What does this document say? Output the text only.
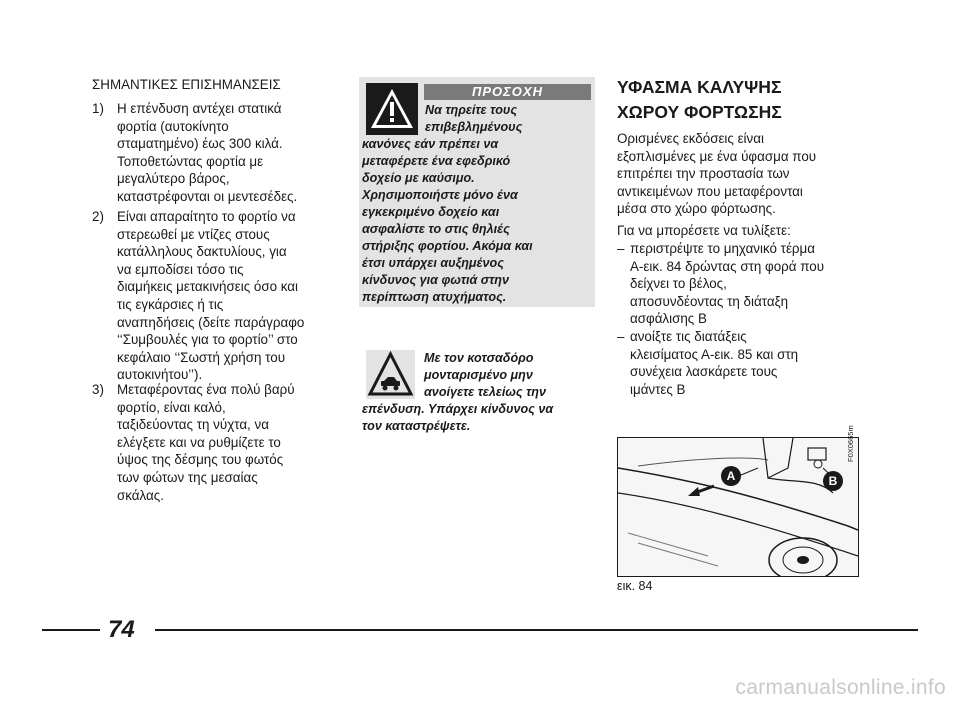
ΣΗΜΑΝΤΙΚΕΣ ΕΠΙΣΗΜΑΝΣΕΙΣ
1) Η επένδυση αντέχει στατικά
φορτία (αυτοκίνητο
σταματημένο) έως 300 κιλά.
Τοποθετώντας φορτία με
μεγαλύτερο βάρος,
καταστρέφονται οι μεντεσέδες.
2) Είναι απαραίτητο το φορτίο να
στερεωθεί με ντίζες στους
κατάλληλους δακτυλίους, για
να εμποδίσει τόσο τις
διαμήκεις μετακινήσεις όσο και
τις εγκάρσιες ή τις
αναπηδήσεις (δείτε παράγραφο
‘‘Συμβουλές για το φορτίο’’ στο
κεφάλαιο ‘‘Σωστή χρήση του
αυτοκινήτου’’).
3) Μεταφέροντας ένα πολύ βαρύ
φορτίο, είναι καλό,
ταξιδεύοντας τη νύχτα, να
ελέγξετε και να ρυθμίζετε το
ύψος της δέσμης του φωτός
των φώτων της μεσαίας
σκάλας.
ΠΡΟΣΟΧΗ
Να τηρείτε τους
επιβεβλημένους
κανόνες εάν πρέπει να
μεταφέρετε ένα εφεδρικό
δοχείο με καύσιμο.
Χρησιμοποιήστε μόνο ένα
εγκεκριμένο δοχείο και
ασφαλίστε το στις θηλιές
στήριξης φορτίου. Ακόμα και
έτσι υπάρχει αυξημένος
κίνδυνος για φωτιά στην
περίπτωση ατυχήματος.
Με τον κοτσαδόρο
μονταρισμένο μην
ανοίγετε τελείως την
επένδυση. Υπάρχει κίνδυνος να
τον καταστρέψετε.
ΥΦΑΣΜΑ ΚΑΛΥΨΗΣ
ΧΩΡΟΥ ΦΟΡΤΩΣΗΣ
Ορισμένες εκδόσεις είναι
εξοπλισμένες με ένα ύφασμα που
επιτρέπει την προστασία των
αντικειμένων που μεταφέρονται
μέσα στο χώρο φόρτωσης.
Για να μπορέσετε να τυλίξετε:
– περιστρέψτε το μηχανικό τέρμα
Α-εικ. 84 δρώντας στη φορά που
δείχνει το βέλος,
αποσυνδέοντας τη διάταξη
ασφάλισης Β
– ανοίξτε τις διατάξεις
κλεισίματος Α-εικ. 85 και στη
συνέχεια λασκάρετε τους
ιμάντες Β
A	B
F0X0665m
εικ. 84
74
carmanualsonline.info
